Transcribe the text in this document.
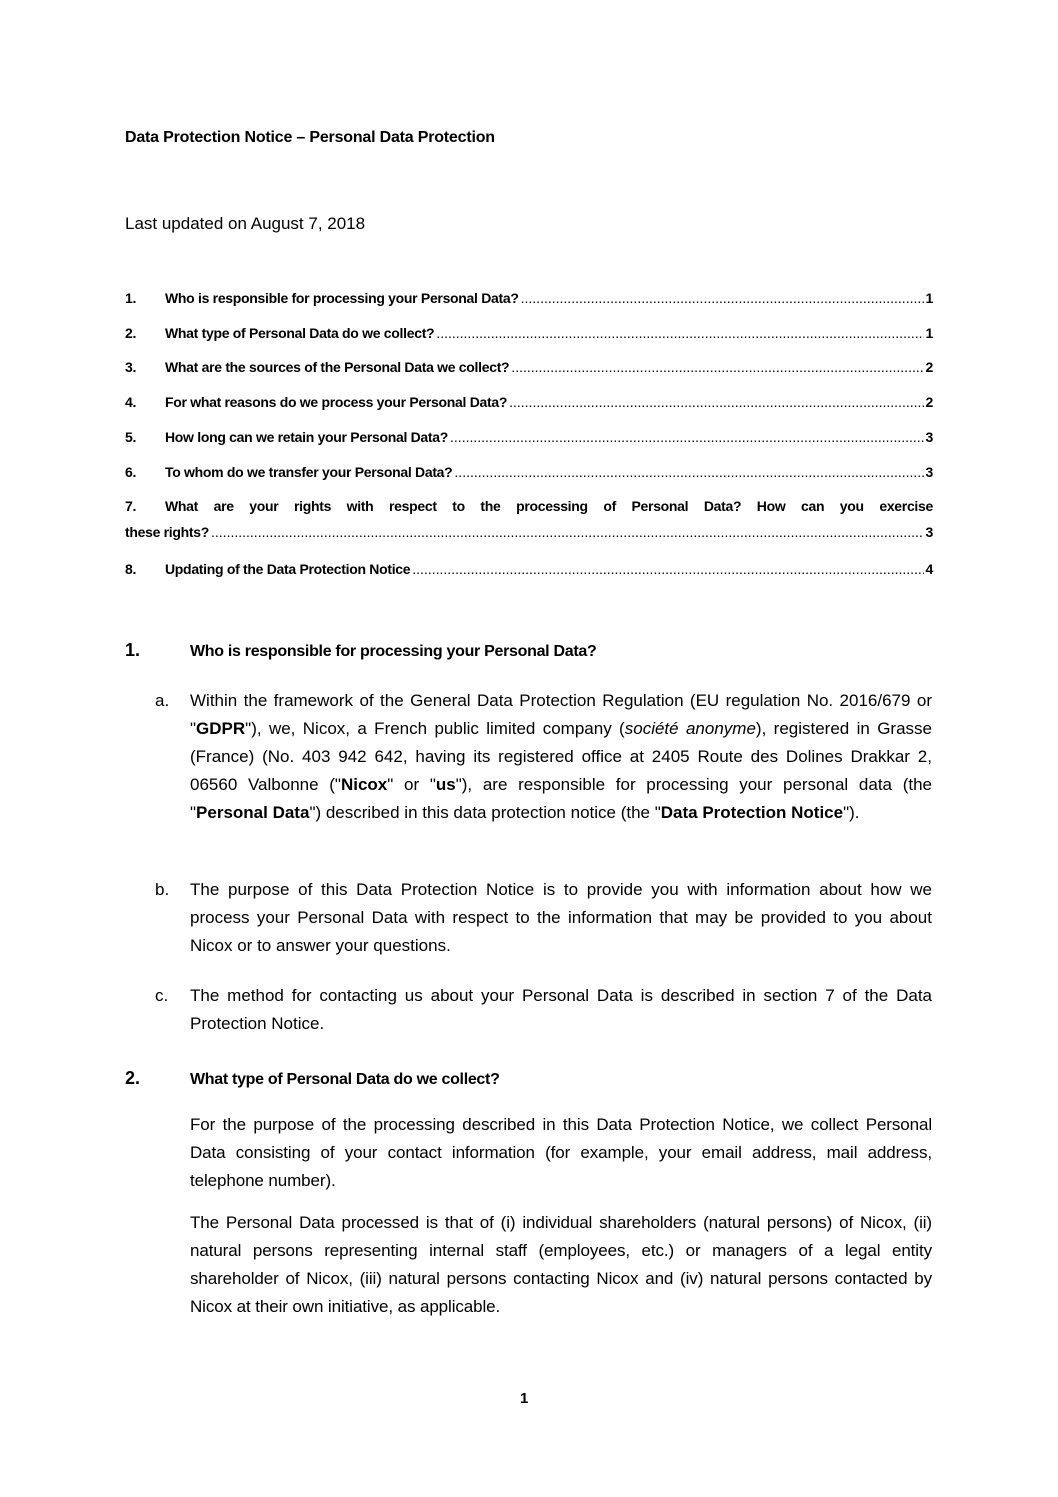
Data Protection Notice – Personal Data Protection
Last updated on August 7, 2018
1.	Who is responsible for processing your Personal Data? .....	1
2.	What type of Personal Data do we collect? .....	1
3.	What are the sources of the Personal Data we collect? .....	2
4.	For what reasons do we process your Personal Data? .....	2
5.	How long can we retain your Personal Data? .....	3
6.	To whom do we transfer your Personal Data? .....	3
7.	What are your rights with respect to the processing of Personal Data? How can you exercise
these rights? .....	3
8.	Updating of the Data Protection Notice .....	4
1.	Who is responsible for processing your Personal Data?
a.	Within the framework of the General Data Protection Regulation (EU regulation No. 2016/679 or "GDPR"), we, Nicox, a French public limited company (société anonyme), registered in Grasse (France) (No. 403 942 642, having its registered office at 2405 Route des Dolines Drakkar 2, 06560 Valbonne ("Nicox" or "us"), are responsible for processing your personal data (the "Personal Data") described in this data protection notice (the "Data Protection Notice").
b.	The purpose of this Data Protection Notice is to provide you with information about how we process your Personal Data with respect to the information that may be provided to you about Nicox or to answer your questions.
c.	The method for contacting us about your Personal Data is described in section 7 of the Data Protection Notice.
2.	What type of Personal Data do we collect?
For the purpose of the processing described in this Data Protection Notice, we collect Personal Data consisting of your contact information (for example, your email address, mail address, telephone number).
The Personal Data processed is that of (i) individual shareholders (natural persons) of Nicox, (ii) natural persons representing internal staff (employees, etc.) or managers of a legal entity shareholder of Nicox, (iii) natural persons contacting Nicox and (iv) natural persons contacted by Nicox at their own initiative, as applicable.
1
